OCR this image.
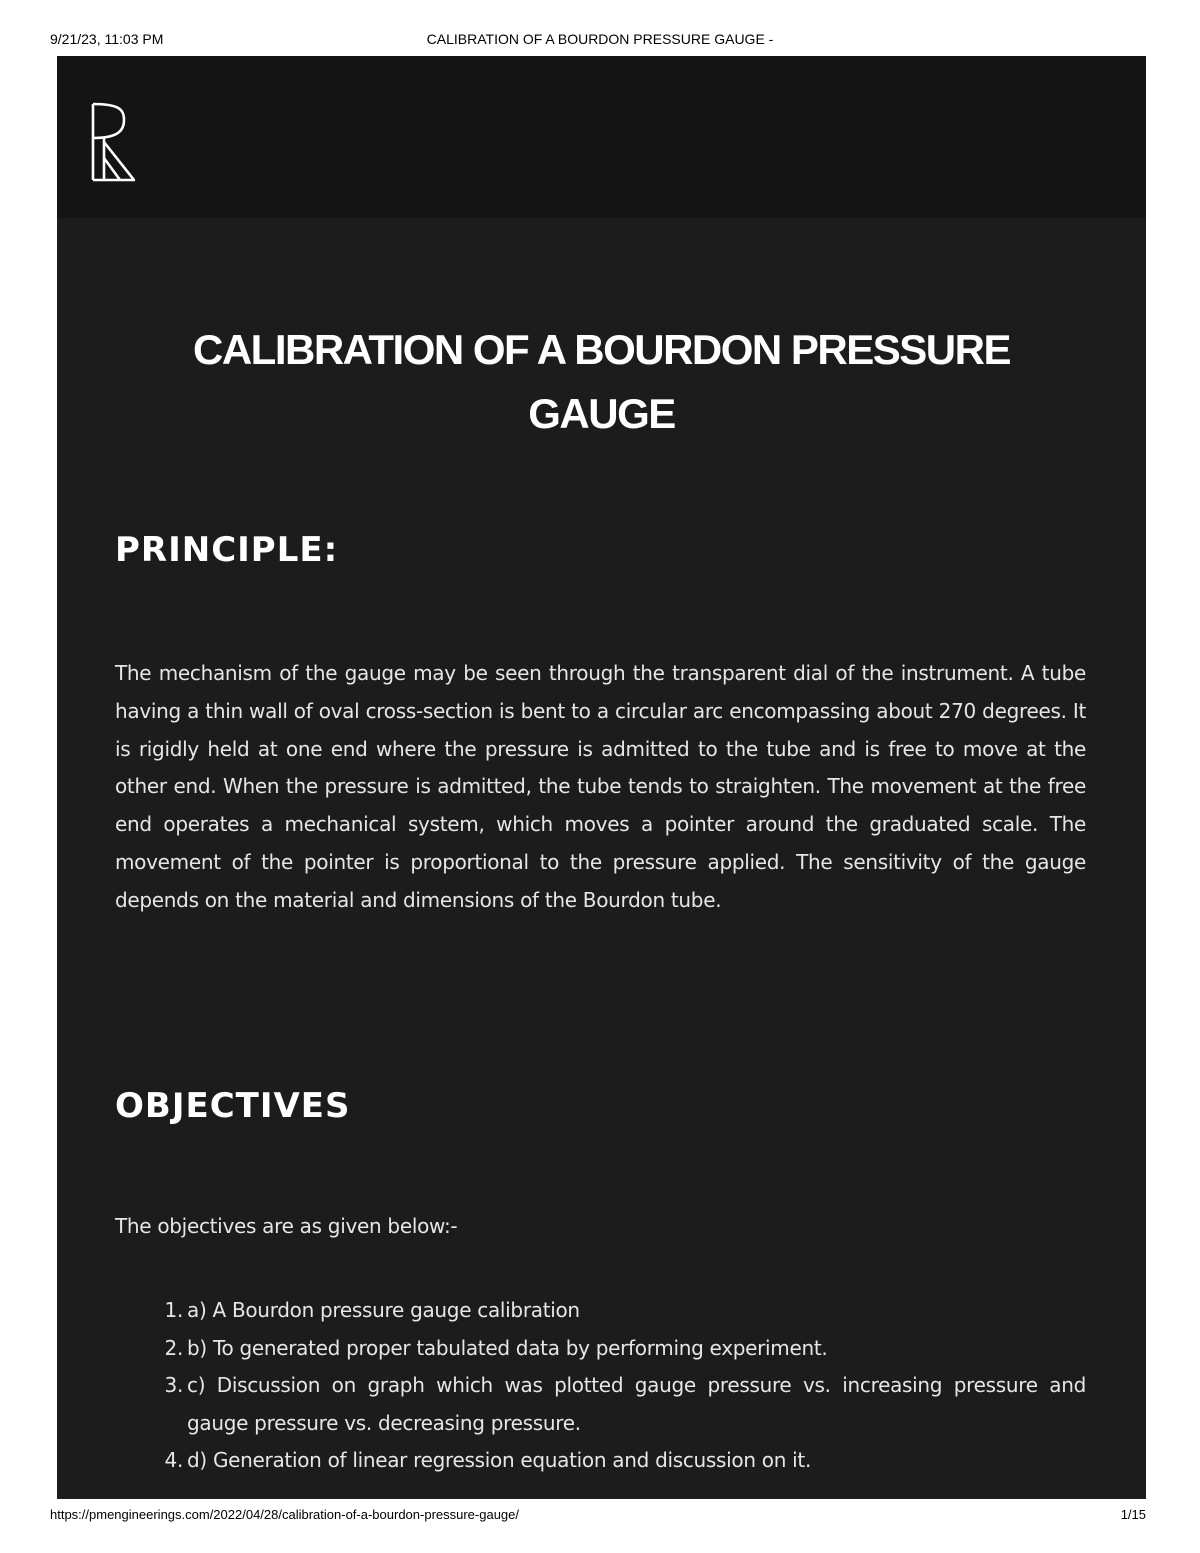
9/21/23, 11:03 PM	CALIBRATION OF A BOURDON PRESSURE GAUGE -
CALIBRATION OF A BOURDON PRESSURE
GAUGE
PRINCIPLE:

The mechanism of the gauge may be seen through the transparent dial of the instrument. A tube having a thin wall of oval cross-section is bent to a circular arc encompassing about 270 degrees. It is rigidly held at one end where the pressure is admitted to the tube and is free to move at the other end. When the pressure is admitted, the tube tends to straighten. The movement at the free end operates a mechanical system, which moves a pointer around the graduated scale. The movement of the pointer is proportional to the pressure applied. The sensitivity of the gauge depends on the material and dimensions of the Bourdon tube.

OBJECTIVES

The objectives are as given below:-

1. a) A Bourdon pressure gauge calibration
2. b) To generated proper tabulated data by performing experiment.
3. c) Discussion on graph which was plotted gauge pressure vs. increasing pressure and gauge pressure vs. decreasing pressure.
4. d) Generation of linear regression equation and discussion on it.
https://pmengineerings.com/2022/04/28/calibration-of-a-bourdon-pressure-gauge/	1/15
